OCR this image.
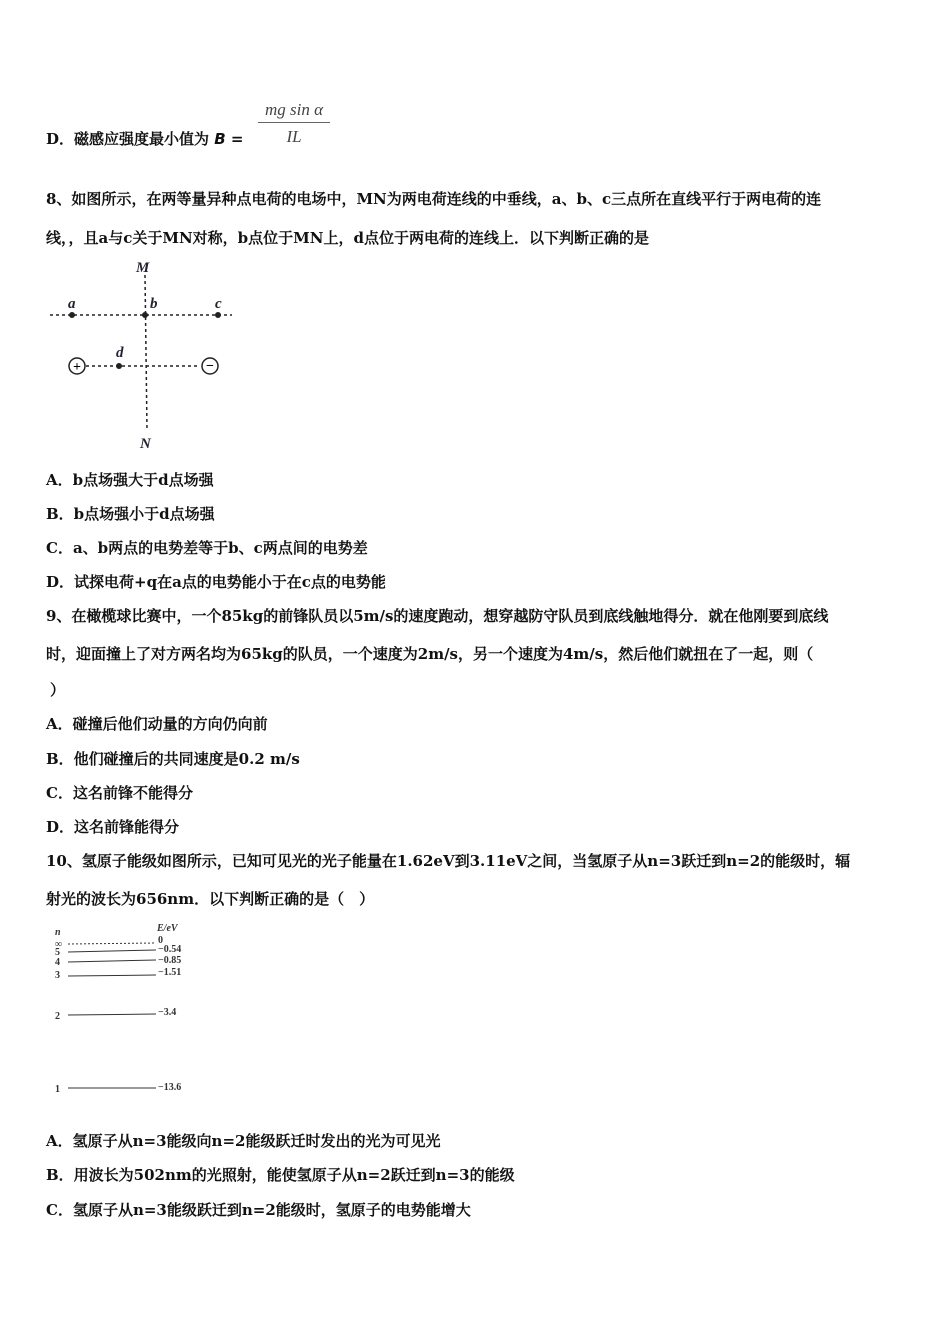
D．磁感应强度最小值为 $B = \frac{\text{mg sin α}}{IL}$
8、如图所示，在两等量异种点电荷的电场中，MN为两电荷连线的中垂线，a、b、c三点所在直线平行于两电荷的连
线，，且a与c关于MN对称，b点位于MN上，d点位于两电荷的连线上．以下判断正确的是
+	−
M
N
a	b	c
d
A．b点场强大于d点场强
B．b点场强小于d点场强
C．a、b两点的电势差等于b、c两点间的电势差
D．试探电荷+q在a点的电势能小于在c点的电势能
9、在橄榄球比赛中，一个85kg的前锋队员以5m/s的速度跑动，想穿越防守队员到底线触地得分．就在他刚要到底线
时，迎面撞上了对方两名均为65kg的队员，一个速度为2m/s，另一个速度为4m/s，然后他们就扭在了一起，则（
）
A．碰撞后他们动量的方向仍向前
B．他们碰撞后的共同速度是0.2 m/s
C．这名前锋不能得分
D．这名前锋能得分
10、氢原子能级如图所示，已知可见光的光子能量在1.62eV到3.11eV之间，当氢原子从n=3跃迁到n=2的能级时，辐
射光的波长为656nm．以下判断正确的是（　）
n	E/eV
∞
5
4
3
2
1
0
−0.54
−0.85
−1.51
−3.4
−13.6
A．氢原子从n=3能级向n=2能级跃迁时发出的光为可见光
B．用波长为502nm的光照射，能使氢原子从n=2跃迁到n=3的能级
C．氢原子从n=3能级跃迁到n=2能级时，氢原子的电势能增大
